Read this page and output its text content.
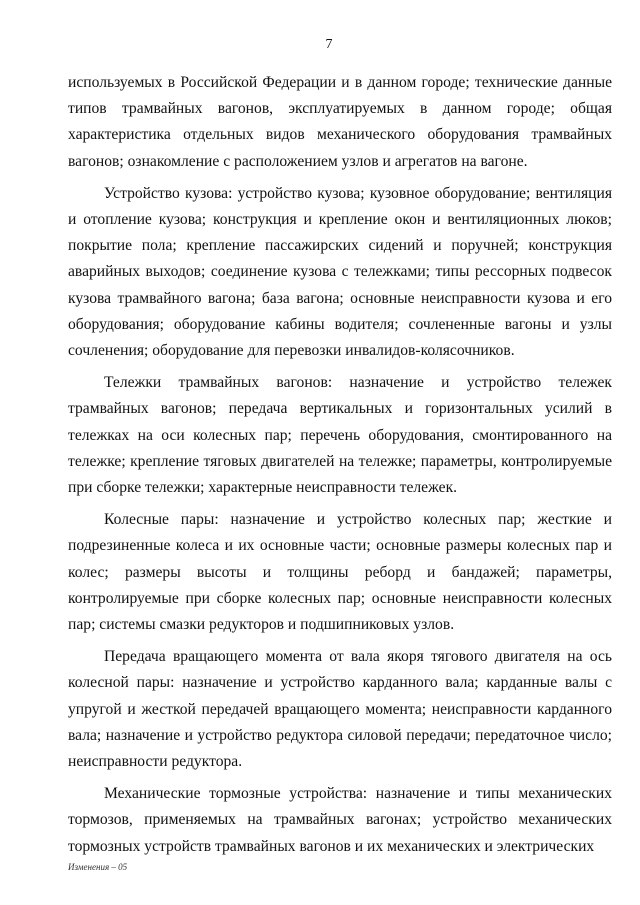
7

используемых в Российской Федерации и в данном городе; технические данные типов трамвайных вагонов, эксплуатируемых в данном городе; общая характеристика отдельных видов механического оборудования трамвайных вагонов; ознакомление с расположением узлов и агрегатов на вагоне.

Устройство кузова: устройство кузова; кузовное оборудование; вентиляция и отопление кузова; конструкция и крепление окон и вентиляционных люков; покрытие пола; крепление пассажирских сидений и поручней; конструкция аварийных выходов; соединение кузова с тележками; типы рессорных подвесок кузова трамвайного вагона; база вагона; основные неисправности кузова и его оборудования; оборудование кабины водителя; сочлененные вагоны и узлы сочленения; оборудование для перевозки инвалидов-колясочников.

Тележки трамвайных вагонов: назначение и устройство тележек трамвайных вагонов; передача вертикальных и горизонтальных усилий в тележках на оси колесных пар; перечень оборудования, смонтированного на тележке; крепление тяговых двигателей на тележке; параметры, контролируемые при сборке тележки; характерные неисправности тележек.

Колесные пары: назначение и устройство колесных пар; жесткие и подрезиненные колеса и их основные части; основные размеры колесных пар и колес; размеры высоты и толщины реборд и бандажей; параметры, контролируемые при сборке колесных пар; основные неисправности колесных пар; системы смазки редукторов и подшипниковых узлов.

Передача вращающего момента от вала якоря тягового двигателя на ось колесной пары: назначение и устройство карданного вала; карданные валы с упругой и жесткой передачей вращающего момента; неисправности карданного вала; назначение и устройство редуктора силовой передачи; передаточное число; неисправности редуктора.

Механические тормозные устройства: назначение и типы механических тормозов, применяемых на трамвайных вагонах; устройство механических тормозных устройств трамвайных вагонов и их механических и электрических

Изменения – 05
